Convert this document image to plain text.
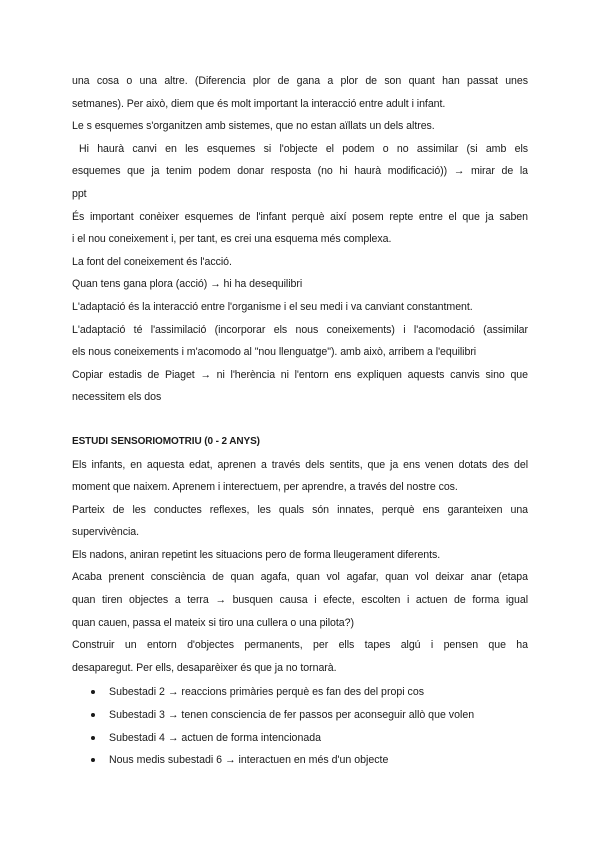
una cosa o una altre. (Diferencia plor de gana a plor de son quant han passat unes
setmanes). Per això, diem que és molt important la interacció entre adult i infant.
Le s esquemes s'organitzen amb sistemes, que no estan aïllats un dels altres.
Hi haurà canvi en les esquemes si l'objecte el podem o no assimilar (si amb els
esquemes que ja tenim podem donar resposta (no hi haurà modificació)) → mirar de la
ppt
És important conèixer esquemes de l'infant perquè així posem repte entre el que ja saben
i el nou coneixement i, per tant, es crei una esquema més complexa.
La font del coneixement és l'acció.
Quan tens gana plora (acció) → hi ha desequilibri
L'adaptació és la interacció entre l'organisme i el seu medi i va canviant constantment.
L'adaptació té l'assimilació (incorporar els nous coneixements) i l'acomodació (assimilar
els nous coneixements i m'acomodo al "nou llenguatge"). amb això, arribem a l'equilibri
Copiar estadis de Piaget → ni l'herència ni l'entorn ens expliquen aquests canvis sino que
necessitem els dos
ESTUDI SENSORIOMOTRIU (0 - 2 ANYS)
Els infants, en aquesta edat, aprenen a través dels sentits, que ja ens venen dotats des del
moment que naixem. Aprenem i interectuem, per aprendre, a través del nostre cos.
Parteix de les conductes reflexes, les quals són innates, perquè ens garanteixen una
supervivència.
Els nadons, aniran repetint les situacions pero de forma lleugerament diferents.
Acaba prenent consciència de quan agafa, quan vol agafar, quan vol deixar anar (etapa
quan tiren objectes a terra → busquen causa i efecte, escolten i actuen de forma igual
quan cauen, passa el mateix si tiro una cullera o una pilota?)
Construir un entorn d'objectes permanents, per ells tapes algú i pensen que ha
desaparegut. Per ells, desaparèixer és que ja no tornarà.
Subestadi 2 → reaccions primàries perquè es fan des del propi cos
Subestadi 3 → tenen consciencia de fer passos per aconseguir allò que volen
Subestadi 4 → actuen de forma intencionada
Nous medis subestadi 6 → interactuen en més d'un objecte
